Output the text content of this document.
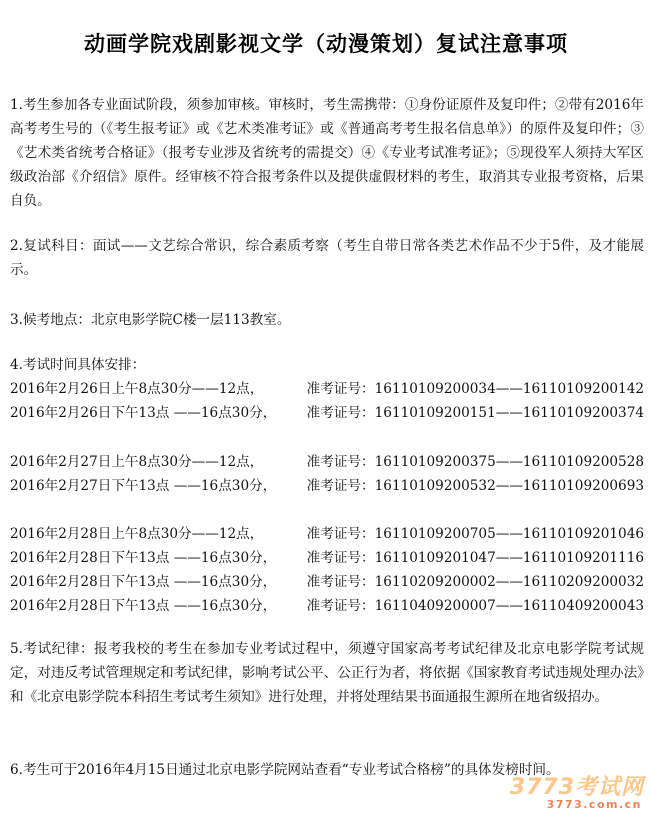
动画学院戏剧影视文学（动漫策划）复试注意事项
1.考生参加各专业面试阶段，须参加审核。审核时，考生需携带：①身份证原件及复印件；②带有2016年高考考生号的（《考生报考证》或《艺术类准考证》或《普通高考考生报名信息单》）的原件及复印件；③《艺术类省统考合格证》（报考专业涉及省统考的需提交）④《专业考试准考证》；⑤现役军人须持大军区级政治部《介绍信》原件。经审核不符合报考条件以及提供虚假材料的考生，取消其专业报考资格，后果自负。
2.复试科目：面试——文艺综合常识，综合素质考察（考生自带日常各类艺术作品不少于5件，及才能展示。
3.候考地点：北京电影学院C楼一层113教室。
4.考试时间具体安排：
2016年2月26日上午8点30分——12点，	准考证号：16110109200034——16110109200142
2016年2月26日下午13点 ——16点30分， 准考证号：16110109200151——16110109200374
2016年2月27日上午8点30分——12点，	准考证号：16110109200375——16110109200528
2016年2月27日下午13点 ——16点30分， 准考证号：16110109200532——16110109200693
2016年2月28日上午8点30分——12点，	准考证号：16110109200705——16110109201046
2016年2月28日下午13点 ——16点30分， 准考证号：16110109201047——16110109201116
2016年2月28日下午13点 ——16点30分， 准考证号：16110209200002——16110209200032
2016年2月28日下午13点 ——16点30分， 准考证号：16110409200007——16110409200043
5.考试纪律：报考我校的考生在参加专业考试过程中，须遵守国家高考考试纪律及北京电影学院考试规定，对违反考试管理规定和考试纪律，影响考试公平、公正行为者，将依据《国家教育考试违规处理办法》和《北京电影学院本科招生考试考生须知》进行处理，并将处理结果书面通报生源所在地省级招办。
6.考生可于2016年4月15日通过北京电影学院网站查看“专业考试合格榜”的具体发榜时间。
3773考试网
3773.com.cn
